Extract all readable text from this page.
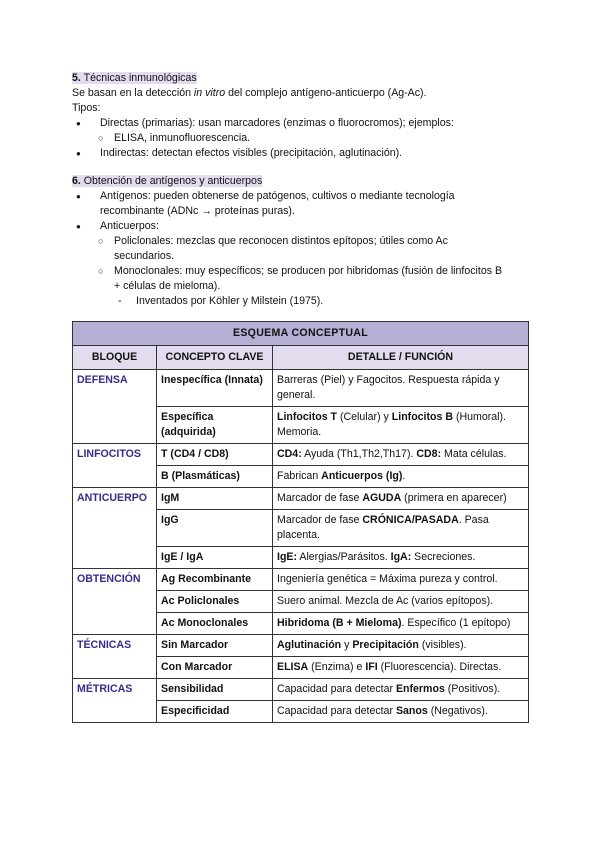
5. Técnicas inmunológicas
Se basan en la detección in vitro del complejo antígeno-anticuerpo (Ag-Ac).
Tipos:
● Directas (primarias): usan marcadores (enzimas o fluorocromos); ejemplos:
○ ELISA, inmunofluorescencia.
● Indirectas: detectan efectos visibles (precipitación, aglutinación).
6. Obtención de antígenos y anticuerpos
● Antígenos: pueden obtenerse de patógenos, cultivos o mediante tecnología
recombinante (ADNc → proteínas puras).
● Anticuerpos:
○ Policlonales: mezclas que reconocen distintos epítopos; útiles como Ac
secundarios.
○ Monoclonales: muy específicos; se producen por hibridomas (fusión de linfocitos B
+ células de mieloma).
- Inventados por Köhler y Milstein (1975).
ESQUEMA CONCEPTUAL		
BLOQUE	CONCEPTO CLAVE	DETALLE / FUNCIÓN
DEFENSA	Inespecífica (Innata)	Barreras (Piel) y Fagocitos. Respuesta rápida y general.
	Específica (adquirida)	Linfocitos T (Celular) y Linfocitos B (Humoral). Memoria.
LINFOCITOS	T (CD4 / CD8)	CD4: Ayuda (Th1,Th2,Th17). CD8: Mata células.
	B (Plasmáticas)	Fabrican Anticuerpos (Ig).
ANTICUERPO	IgM	Marcador de fase AGUDA (primera en aparecer)
	IgG	Marcador de fase CRÓNICA/PASADA. Pasa placenta.
	IgE / IgA	IgE: Alergias/Parásitos. IgA: Secreciones.
OBTENCIÓN	Ag Recombinante	Ingeniería genética = Máxima pureza y control.
	Ac Policlonales	Suero animal. Mezcla de Ac (varios epítopos).
	Ac Monoclonales	Hibridoma (B + Mieloma). Específico (1 epítopo)
TÉCNICAS	Sin Marcador	Aglutinación y Precipitación (visibles).
	Con Marcador	ELISA (Enzima) e IFI (Fluorescencia). Directas.
MÉTRICAS	Sensibilidad	Capacidad para detectar Enfermos (Positivos).
	Especificidad	Capacidad para detectar Sanos (Negativos).
